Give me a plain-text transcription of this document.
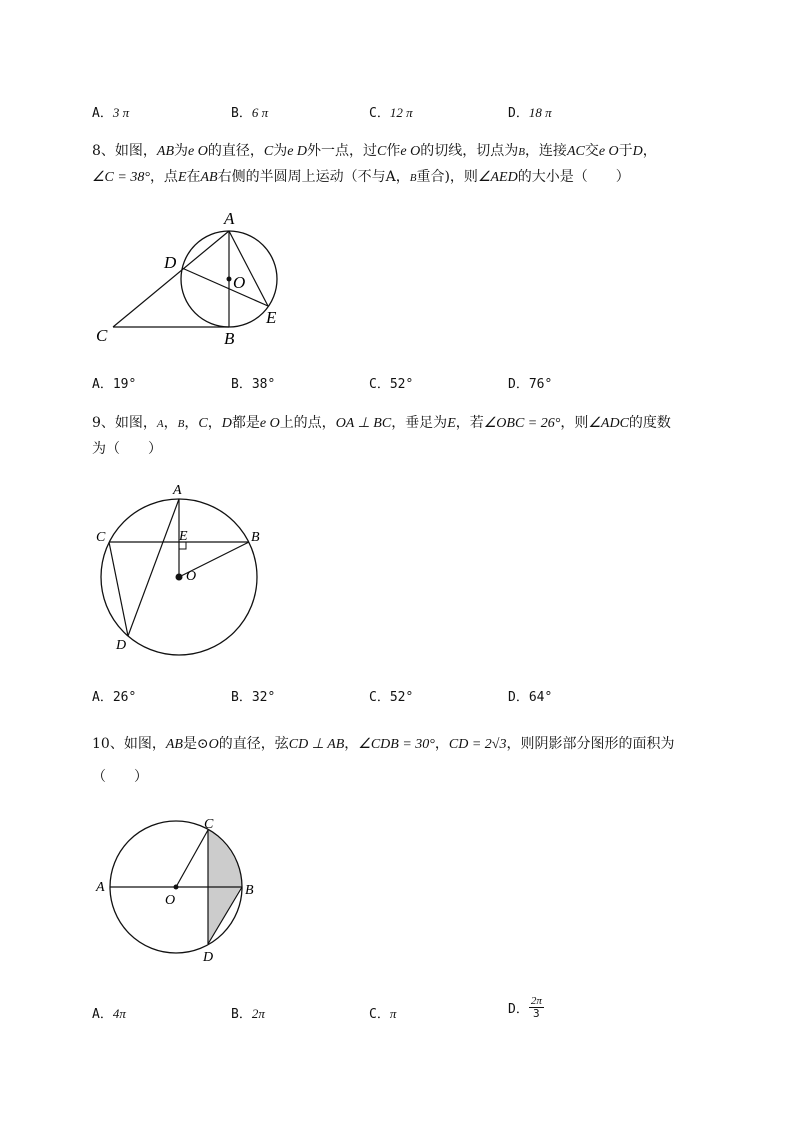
A．3 π	B．6 π	C．12 π	D．18 π
8、如图，AB为e O的直径，C为e D外一点，过C作e O的切线，切点为B，连接AC交e O于D，
∠C = 38°，点E在AB右侧的半圆周上运动（不与A，B重合)，则∠AED的大小是（　　）
A
D
O
E
C	B
A．19°	B．38°	C．52°	D．76°
9、如图，A，B，C，D都是e O上的点，OA ⊥ BC，垂足为E，若∠OBC = 26°，则∠ADC的度数
为（　　）
A
C	B
E
O
D
A．26°	B．32°	C．52°	D．64°
10、如图，AB是⊙O的直径，弦CD ⊥ AB，∠CDB = 30°，CD = 2√3，则阴影部分图形的面积为
（　　）
C
A	B
O
D
A．4π	B．2π	C．π	D． $\frac{2\pi}{3}$
